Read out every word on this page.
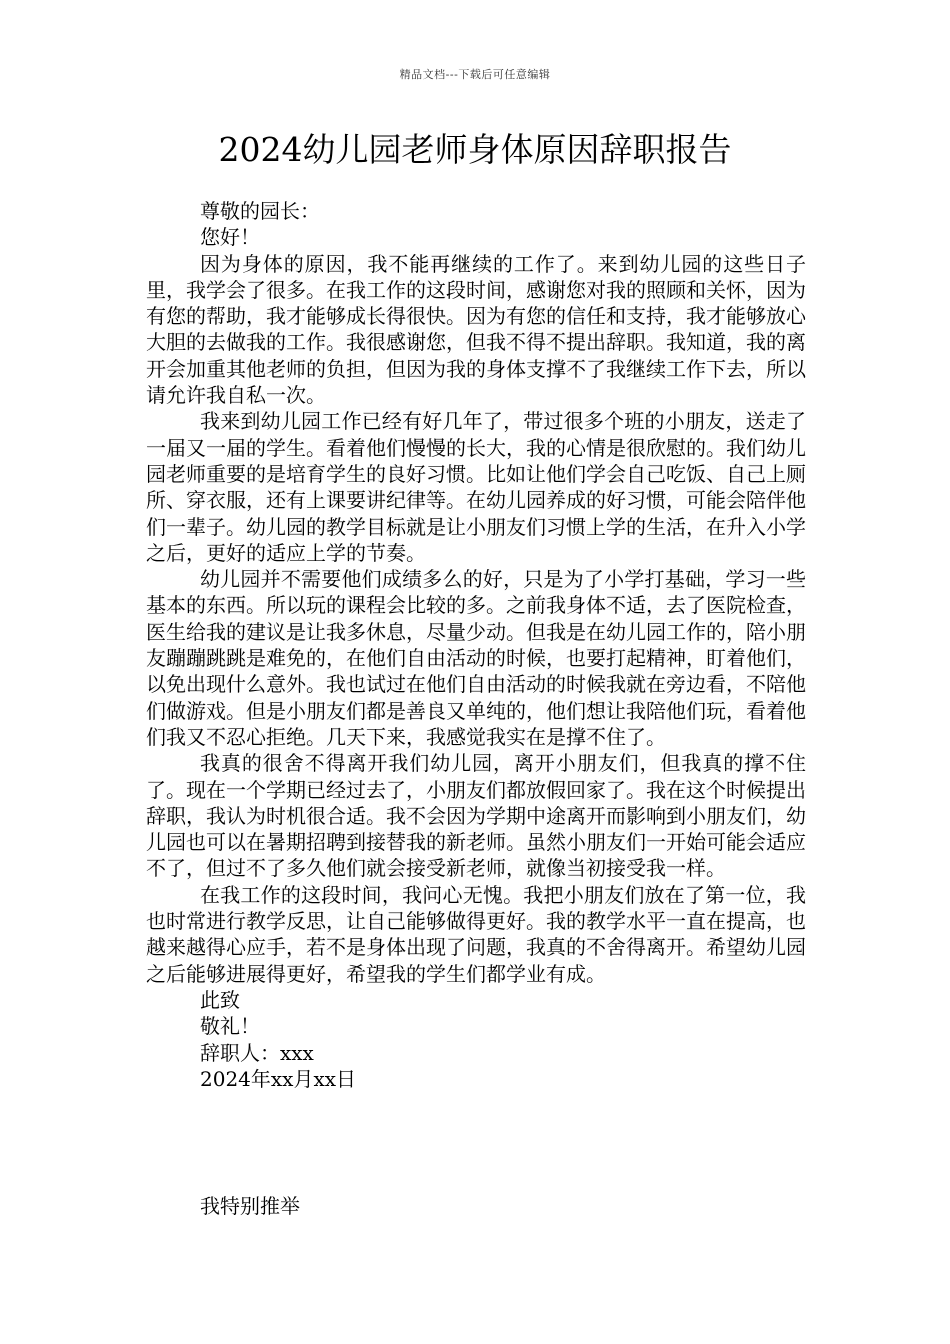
精品文档---下载后可任意编辑
2024幼儿园老师身体原因辞职报告
尊敬的园长：
您好！

因为身体的原因，我不能再继续的工作了。来到幼儿园的这些日子里，我学会了很多。在我工作的这段时间，感谢您对我的照顾和关怀，因为有您的帮助，我才能够成长得很快。因为有您的信任和支持，我才能够放心大胆的去做我的工作。我很感谢您，但我不得不提出辞职。我知道，我的离开会加重其他老师的负担，但因为我的身体支撑不了我继续工作下去，所以请允许我自私一次。

我来到幼儿园工作已经有好几年了，带过很多个班的小朋友，送走了一届又一届的学生。看着他们慢慢的长大，我的心情是很欣慰的。我们幼儿园老师重要的是培育学生的良好习惯。比如让他们学会自己吃饭、自己上厕所、穿衣服，还有上课要讲纪律等。在幼儿园养成的好习惯，可能会陪伴他们一辈子。幼儿园的教学目标就是让小朋友们习惯上学的生活，在升入小学之后，更好的适应上学的节奏。

幼儿园并不需要他们成绩多么的好，只是为了小学打基础，学习一些基本的东西。所以玩的课程会比较的多。之前我身体不适，去了医院检查，医生给我的建议是让我多休息，尽量少动。但我是在幼儿园工作的，陪小朋友蹦蹦跳跳是难免的，在他们自由活动的时候，也要打起精神，盯着他们，以免出现什么意外。我也试过在他们自由活动的时候我就在旁边看，不陪他们做游戏。但是小朋友们都是善良又单纯的，他们想让我陪他们玩，看着他们我又不忍心拒绝。几天下来，我感觉我实在是撑不住了。

我真的很舍不得离开我们幼儿园，离开小朋友们，但我真的撑不住了。现在一个学期已经过去了，小朋友们都放假回家了。我在这个时候提出辞职，我认为时机很合适。我不会因为学期中途离开而影响到小朋友们，幼儿园也可以在暑期招聘到接替我的新老师。虽然小朋友们一开始可能会适应不了，但过不了多久他们就会接受新老师，就像当初接受我一样。

在我工作的这段时间，我问心无愧。我把小朋友们放在了第一位，我也时常进行教学反思，让自己能够做得更好。我的教学水平一直在提高，也越来越得心应手，若不是身体出现了问题，我真的不舍得离开。希望幼儿园之后能够进展得更好，希望我的学生们都学业有成。

此致
敬礼！
辞职人：xxx
2024年xx月xx日
我特别推举
